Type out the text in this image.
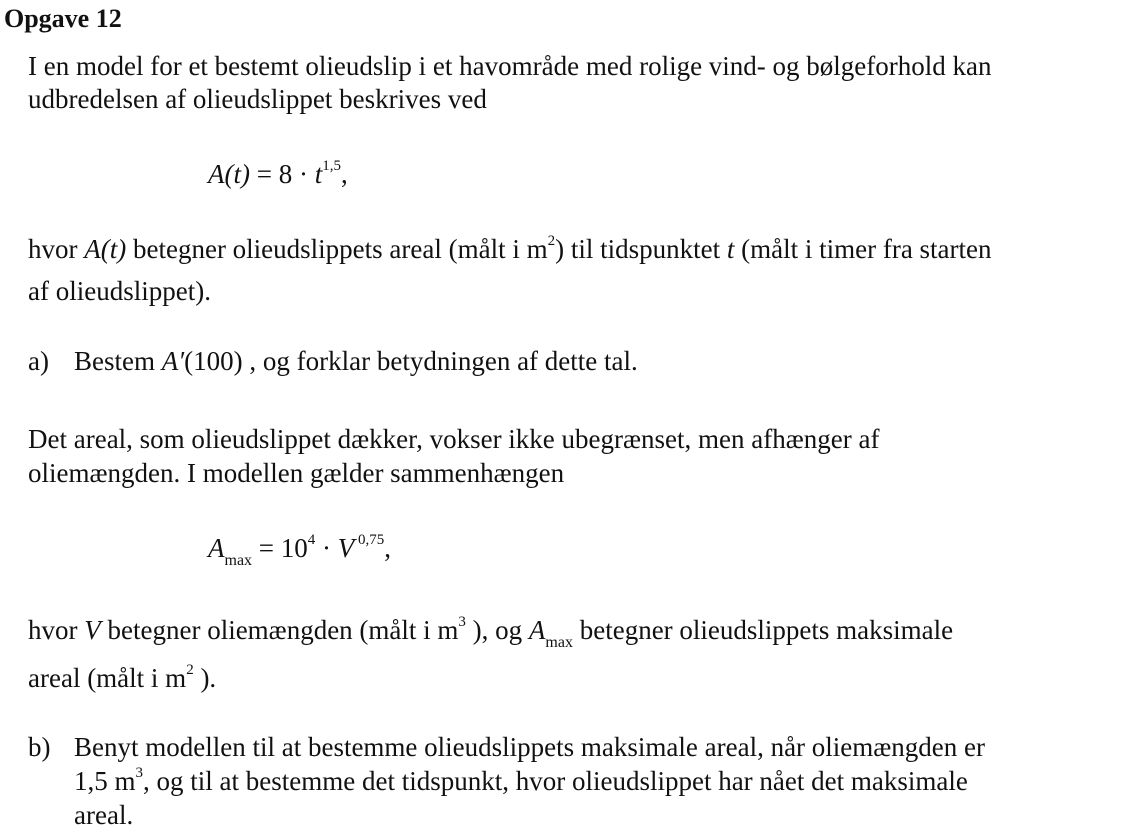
Opgave 12
I en model for et bestemt olieudslip i et havområde med rolige vind- og bølgeforhold kan
udbredelsen af olieudslippet beskrives ved
$A(t) = 8 \cdot t^{1,5}$,
hvor A(t) betegner olieudslippets areal (målt i $m^2$) til tidspunktet t (målt i timer fra starten
af olieudslippet).
a) Bestem A′(100) , og forklar betydningen af dette tal.
Det areal, som olieudslippet dækker, vokser ikke ubegrænset, men afhænger af
oliemængden. I modellen gælder sammenhængen
$A_{max} = 10^4 \cdot V$ $^{0,75}$,
hvor V betegner oliemængden (målt i $m^3$ ), og $A_{max}$ betegner olieudslippets maksimale
areal (målt i $m^2$ ).
b) Benyt modellen til at bestemme olieudslippets maksimale areal, når oliemængden er
1,5 $m^3$, og til at bestemme det tidspunkt, hvor olieudslippet har nået det maksimale
areal.
